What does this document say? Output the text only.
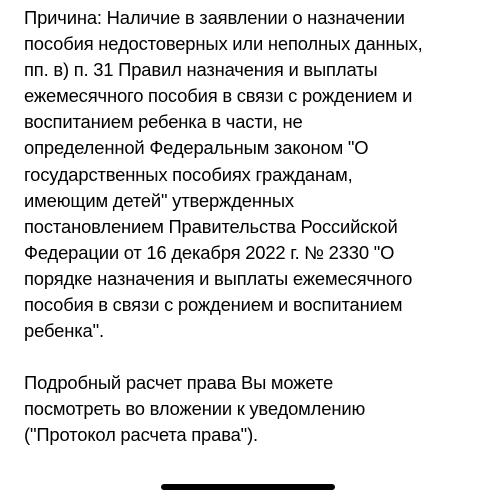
Причина: Наличие в заявлении о назначении
пособия недостоверных или неполных данных,
пп. в) п. 31 Правил назначения и выплаты
ежемесячного пособия в связи с рождением и
воспитанием ребенка в части, не
определенной Федеральным законом "О
государственных пособиях гражданам,
имеющим детей" утвержденных
постановлением Правительства Российской
Федерации от 16 декабря 2022 г. № 2330 "О
порядке назначения и выплаты ежемесячного
пособия в связи с рождением и воспитанием
ребенка".

Подробный расчет права Вы можете
посмотреть во вложении к уведомлению
("Протокол расчета права").
